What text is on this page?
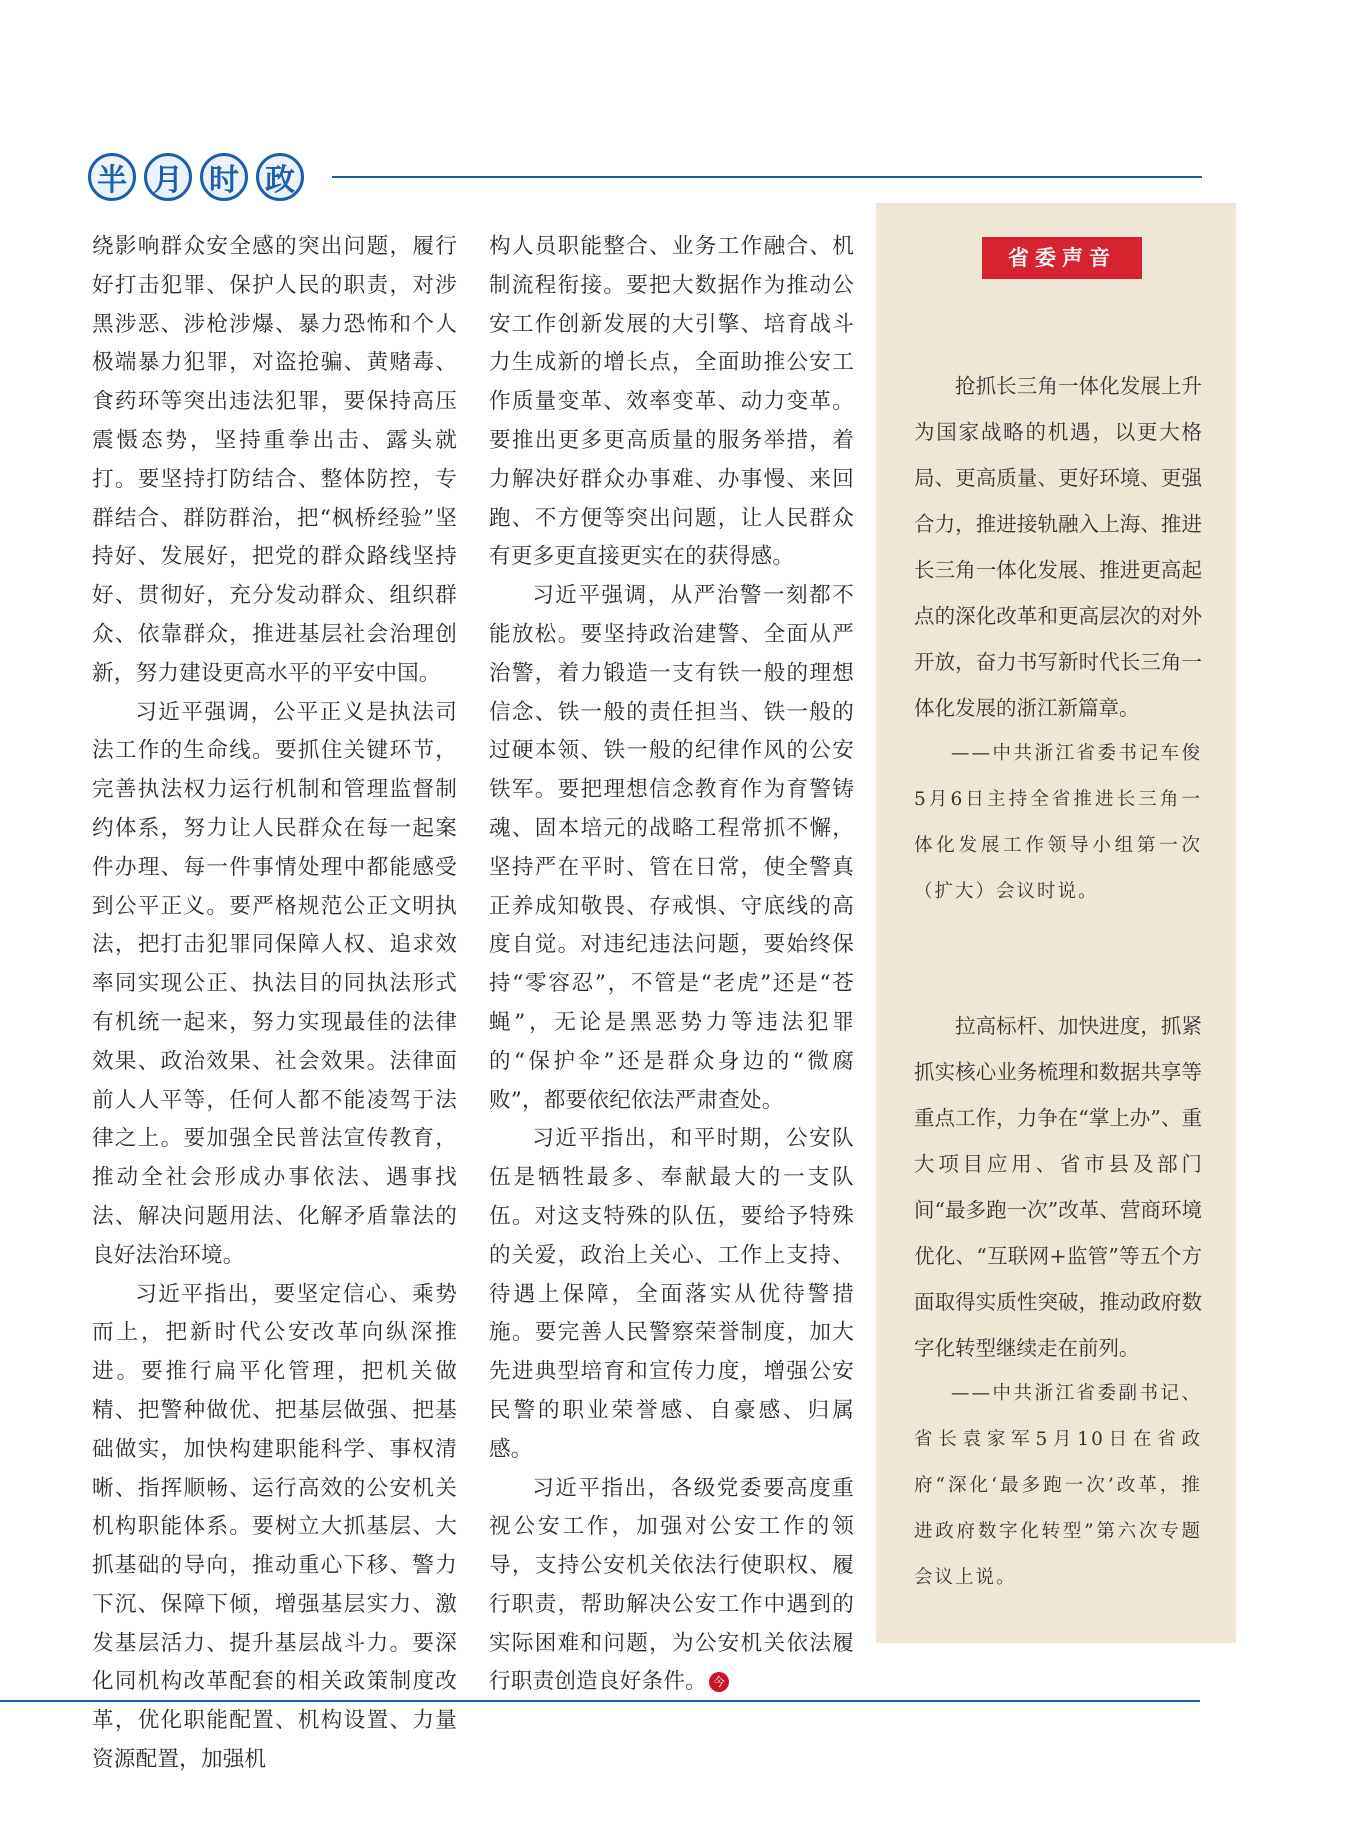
半 月 时 政

绕影响群众安全感的突出问题，履行好打击犯罪、保护人民的职责，对涉黑涉恶、涉枪涉爆、暴力恐怖和个人极端暴力犯罪，对盗抢骗、黄赌毒、食药环等突出违法犯罪，要保持高压震慑态势，坚持重拳出击、露头就打。要坚持打防结合、整体防控，专群结合、群防群治，把“枫桥经验”坚持好、发展好，把党的群众路线坚持好、贯彻好，充分发动群众、组织群众、依靠群众，推进基层社会治理创新，努力建设更高水平的平安中国。

习近平强调，公平正义是执法司法工作的生命线。要抓住关键环节，完善执法权力运行机制和管理监督制约体系，努力让人民群众在每一起案件办理、每一件事情处理中都能感受到公平正义。要严格规范公正文明执法，把打击犯罪同保障人权、追求效率同实现公正、执法目的同执法形式有机统一起来，努力实现最佳的法律效果、政治效果、社会效果。法律面前人人平等，任何人都不能凌驾于法律之上。要加强全民普法宣传教育，推动全社会形成办事依法、遇事找法、解决问题用法、化解矛盾靠法的良好法治环境。

习近平指出，要坚定信心、乘势而上，把新时代公安改革向纵深推进。要推行扁平化管理，把机关做精、把警种做优、把基层做强、把基础做实，加快构建职能科学、事权清晰、指挥顺畅、运行高效的公安机关机构职能体系。要树立大抓基层、大抓基础的导向，推动重心下移、警力下沉、保障下倾，增强基层实力、激发基层活力、提升基层战斗力。要深化同机构改革配套的相关政策制度改革，优化职能配置、机构设置、力量资源配置，加强机

构人员职能整合、业务工作融合、机制流程衔接。要把大数据作为推动公安工作创新发展的大引擎、培育战斗力生成新的增长点，全面助推公安工作质量变革、效率变革、动力变革。要推出更多更高质量的服务举措，着力解决好群众办事难、办事慢、来回跑、不方便等突出问题，让人民群众有更多更直接更实在的获得感。

习近平强调，从严治警一刻都不能放松。要坚持政治建警、全面从严治警，着力锻造一支有铁一般的理想信念、铁一般的责任担当、铁一般的过硬本领、铁一般的纪律作风的公安铁军。要把理想信念教育作为育警铸魂、固本培元的战略工程常抓不懈，坚持严在平时、管在日常，使全警真正养成知敬畏、存戒惧、守底线的高度自觉。对违纪违法问题，要始终保持“零容忍”，不管是“老虎”还是“苍蝇”，无论是黑恶势力等违法犯罪的“保护伞”还是群众身边的“微腐败”，都要依纪依法严肃查处。

习近平指出，和平时期，公安队伍是牺牲最多、奉献最大的一支队伍。对这支特殊的队伍，要给予特殊的关爱，政治上关心、工作上支持、待遇上保障，全面落实从优待警措施。要完善人民警察荣誉制度，加大先进典型培育和宣传力度，增强公安民警的职业荣誉感、自豪感、归属感。

习近平指出，各级党委要高度重视公安工作，加强对公安工作的领导，支持公安机关依法行使职权、履行职责，帮助解决公安工作中遇到的实际困难和问题，为公安机关依法履行职责创造良好条件。 今

省委声音

抢抓长三角一体化发展上升为国家战略的机遇，以更大格局、更高质量、更好环境、更强合力，推进接轨融入上海、推进长三角一体化发展、推进更高起点的深化改革和更高层次的对外开放，奋力书写新时代长三角一体化发展的浙江新篇章。

——中共浙江省委书记车俊5月6日主持全省推进长三角一体化发展工作领导小组第一次（扩大）会议时说。

拉高标杆、加快进度，抓紧抓实核心业务梳理和数据共享等重点工作，力争在“掌上办”、重大项目应用、省市县及部门间“最多跑一次”改革、营商环境优化、“互联网+监管”等五个方面取得实质性突破，推动政府数字化转型继续走在前列。

——中共浙江省委副书记、省长袁家军5月10日在省政府“深化‘最多跑一次’改革，推进政府数字化转型”第六次专题会议上说。
